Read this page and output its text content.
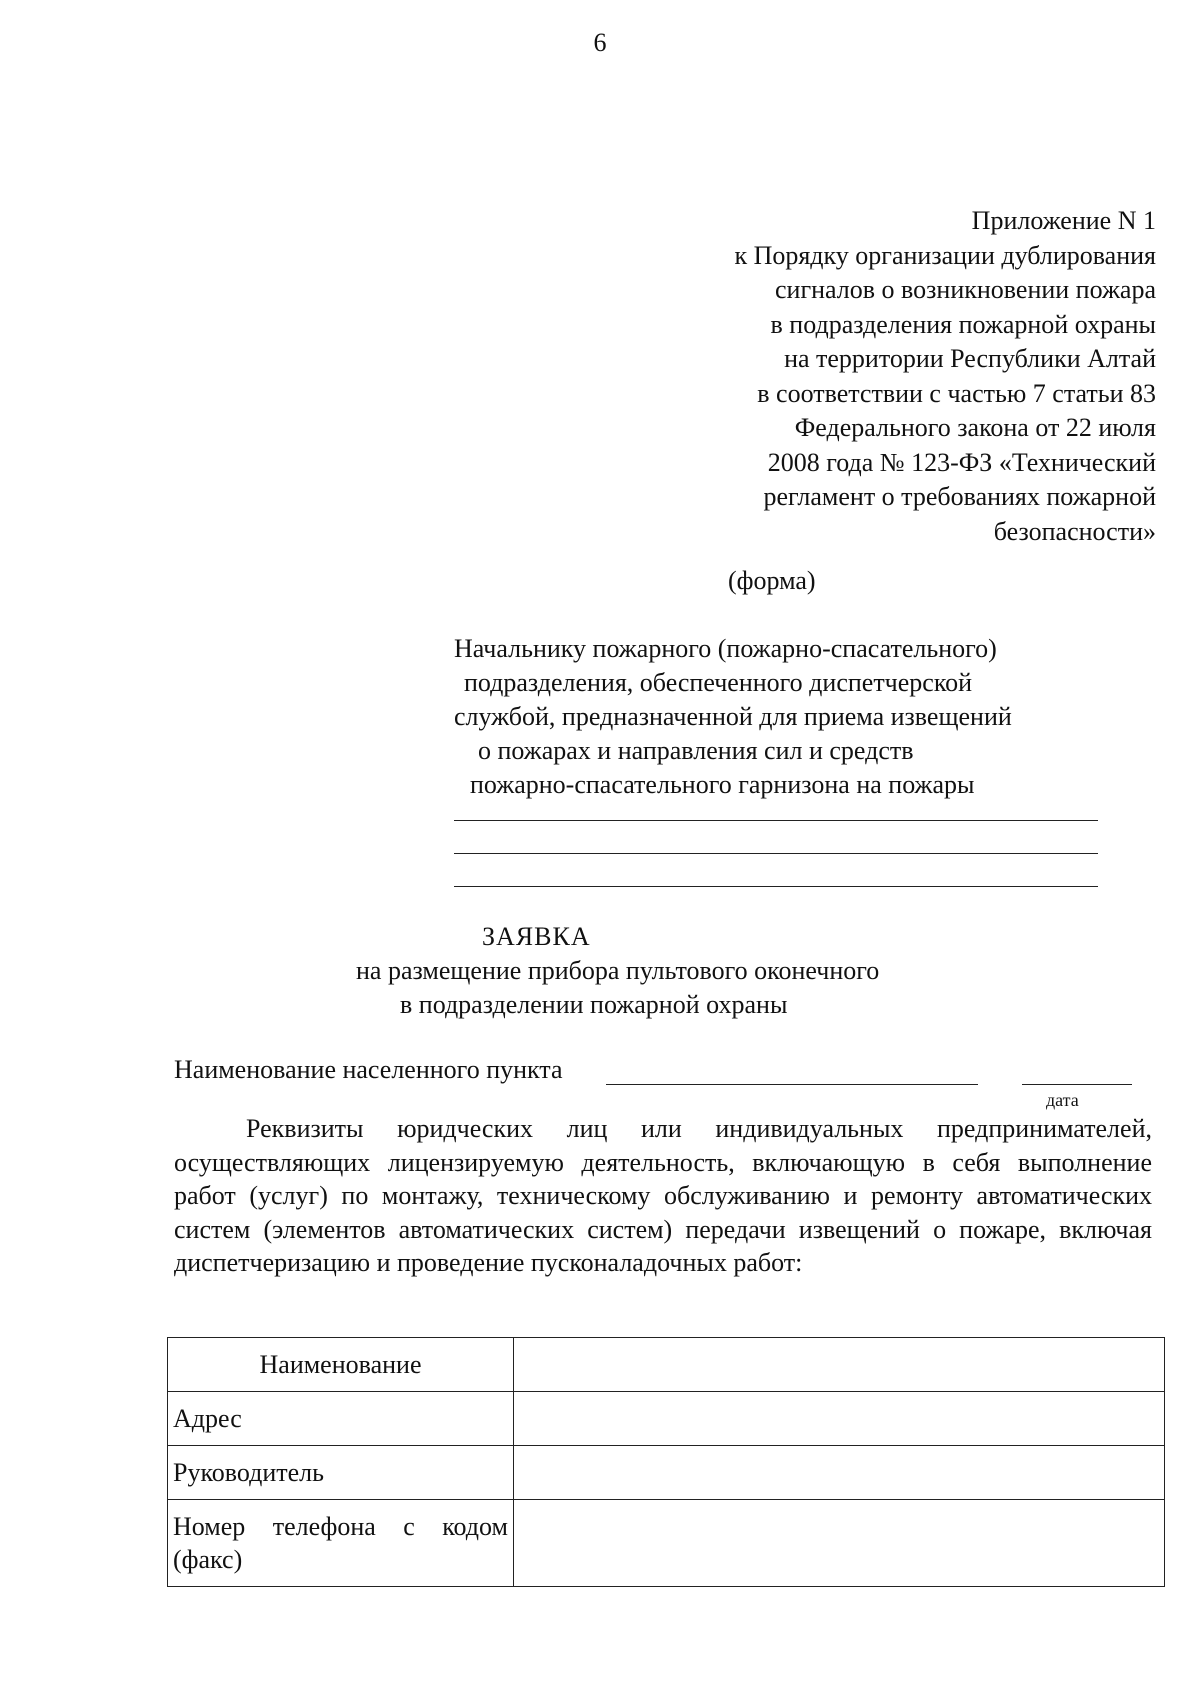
6
Приложение N 1
к Порядку организации дублирования
сигналов о возникновении пожара
в подразделения пожарной охраны
на территории Республики Алтай
в соответствии с частью 7 статьи 83
Федерального закона от 22 июля
2008 года № 123-ФЗ «Технический
регламент о требованиях пожарной
безопасности»
(форма)
Начальнику пожарного (пожарно-спасательного)
подразделения, обеспеченного диспетчерской
службой, предназначенной для приема извещений
о пожарах и направления сил и средств
пожарно-спасательного гарнизона на пожары
ЗАЯВКА
на размещение прибора пультового оконечного
в подразделении пожарной охраны
Наименование населенного пункта
дата

Реквизиты юридческих лиц или индивидуальных предпринимателей, осуществляющих лицензируемую деятельность, включающую в себя выполнение работ (услуг) по монтажу, техническому обслуживанию и ремонту автоматических систем (элементов автоматических систем) передачи извещений о пожаре, включая диспетчеризацию и проведение пусконаладочных работ:

Наименование	
Адрес	
Руководитель	
Номер телефона с кодом (факс)	
